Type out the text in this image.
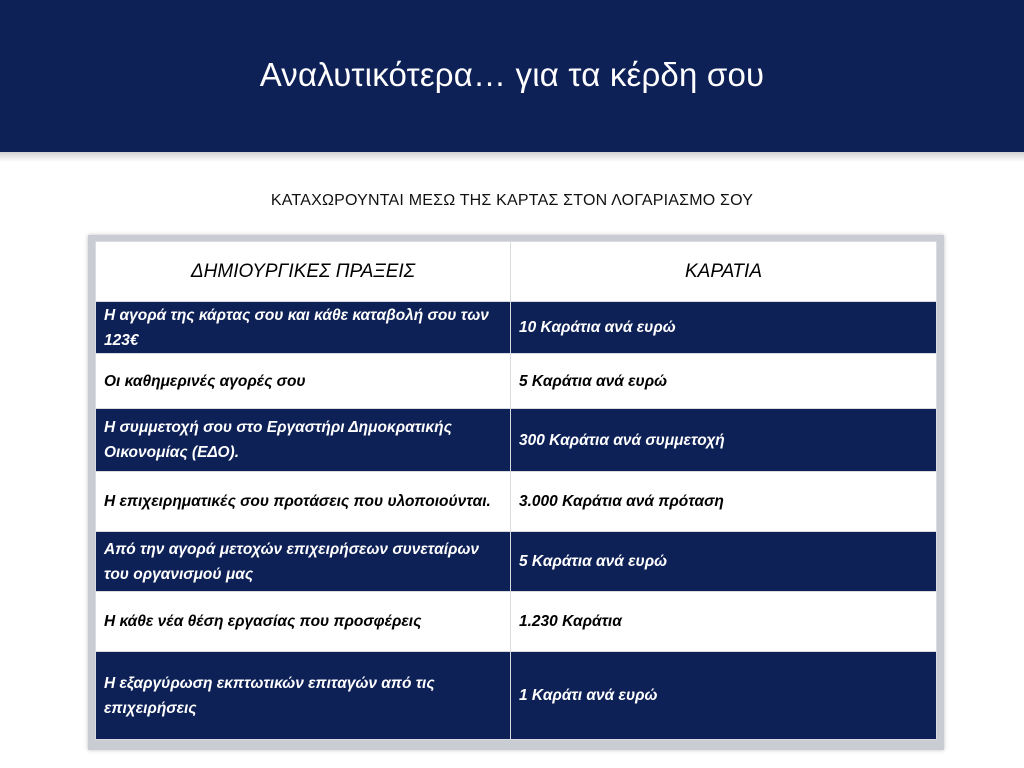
Αναλυτικότερα… για τα κέρδη σου
ΚΑΤΑΧΩΡΟΥΝΤΑΙ ΜΕΣΩ ΤΗΣ ΚΑΡΤΑΣ ΣΤΟΝ ΛΟΓΑΡΙΑΣΜΟ ΣΟΥ
ΔΗΜΙΟΥΡΓΙΚΕΣ ΠΡΑΞΕΙΣ	ΚΑΡΑΤΙΑ
Η αγορά της κάρτας σου και κάθε καταβολή σου των 123€	10 Καράτια ανά ευρώ
Οι καθημερινές αγορές σου	5 Καράτια ανά ευρώ
Η συμμετοχή σου στο Εργαστήρι Δημοκρατικής Οικονομίας (ΕΔΟ).	300 Καράτια ανά συμμετοχή
Η επιχειρηματικές σου προτάσεις που υλοποιούνται.	3.000 Καράτια ανά πρόταση
Από την αγορά μετοχών επιχειρήσεων συνεταίρων του οργανισμού μας	5 Καράτια ανά ευρώ
Η κάθε νέα θέση εργασίας που προσφέρεις	1.230 Καράτια
Η εξαργύρωση εκπτωτικών επιταγών από τις επιχειρήσεις	1 Καράτι ανά ευρώ
